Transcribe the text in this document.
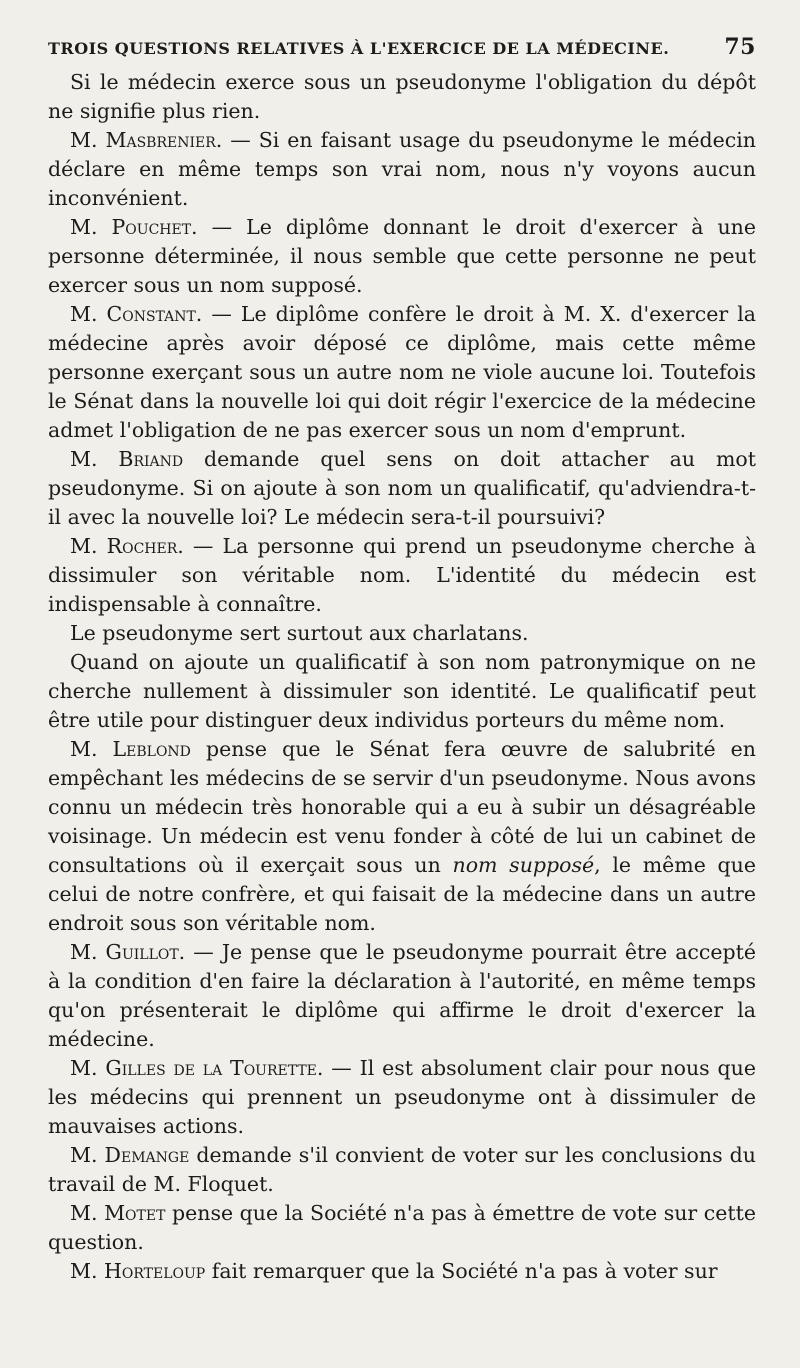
TROIS QUESTIONS RELATIVES À L'EXERCICE DE LA MÉDECINE.	75

Si le médecin exerce sous un pseudonyme l'obligation du dépôt ne signifie plus rien.

M. Masbrenier. — Si en faisant usage du pseudonyme le médecin déclare en même temps son vrai nom, nous n'y voyons aucun inconvénient.

M. Pouchet. — Le diplôme donnant le droit d'exercer à une personne déterminée, il nous semble que cette personne ne peut exercer sous un nom supposé.

M. Constant. — Le diplôme confère le droit à M. X. d'exercer la médecine après avoir déposé ce diplôme, mais cette même personne exerçant sous un autre nom ne viole aucune loi. Toutefois le Sénat dans la nouvelle loi qui doit régir l'exercice de la médecine admet l'obligation de ne pas exercer sous un nom d'emprunt.

M. Briand demande quel sens on doit attacher au mot pseudonyme. Si on ajoute à son nom un qualificatif, qu'adviendra-t-il avec la nouvelle loi? Le médecin sera-t-il poursuivi?

M. Rocher. — La personne qui prend un pseudonyme cherche à dissimuler son véritable nom. L'identité du médecin est indispensable à connaître.

Le pseudonyme sert surtout aux charlatans.

Quand on ajoute un qualificatif à son nom patronymique on ne cherche nullement à dissimuler son identité. Le qualificatif peut être utile pour distinguer deux individus porteurs du même nom.

M. Leblond pense que le Sénat fera œuvre de salubrité en empêchant les médecins de se servir d'un pseudonyme. Nous avons connu un médecin très honorable qui a eu à subir un désagréable voisinage. Un médecin est venu fonder à côté de lui un cabinet de consultations où il exerçait sous un nom supposé, le même que celui de notre confrère, et qui faisait de la médecine dans un autre endroit sous son véritable nom.

M. Guillot. — Je pense que le pseudonyme pourrait être accepté à la condition d'en faire la déclaration à l'autorité, en même temps qu'on présenterait le diplôme qui affirme le droit d'exercer la médecine.

M. Gilles de la Tourette. — Il est absolument clair pour nous que les médecins qui prennent un pseudonyme ont à dissimuler de mauvaises actions.

M. Demange demande s'il convient de voter sur les conclusions du travail de M. Floquet.

M. Motet pense que la Société n'a pas à émettre de vote sur cette question.

M. Horteloup fait remarquer que la Société n'a pas à voter sur
